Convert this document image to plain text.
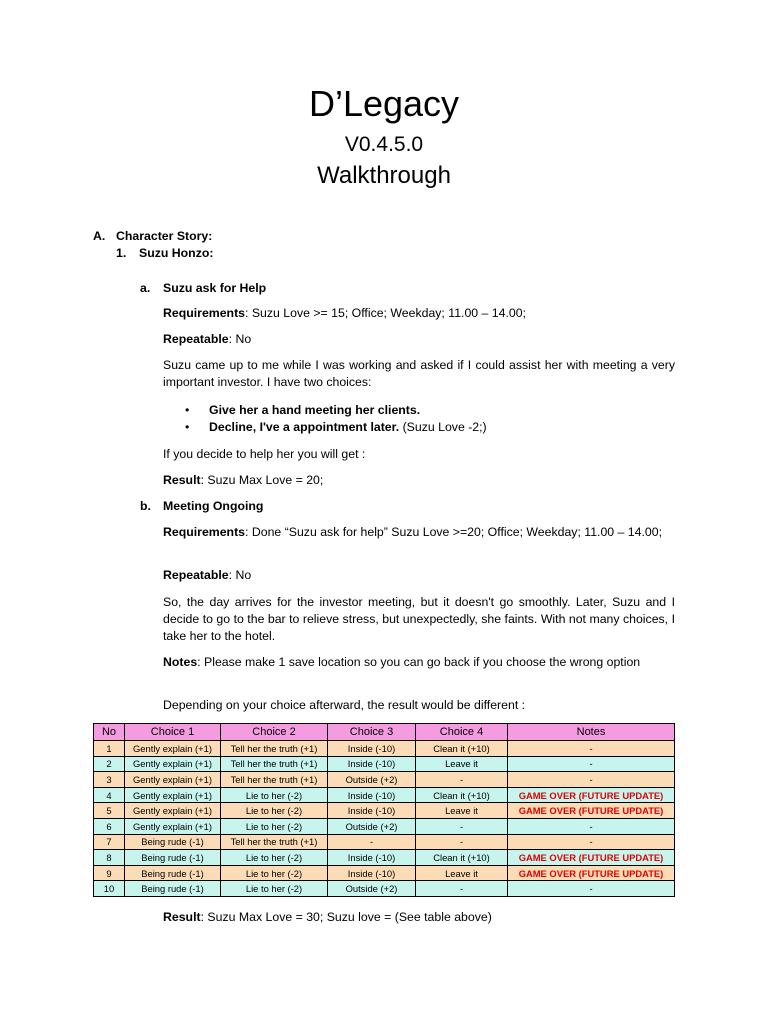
D’Legacy
V0.4.5.0
Walkthrough
A. Character Story:
1. Suzu Honzo:
a. Suzu ask for Help
Requirements: Suzu Love >= 15; Office; Weekday; 11.00 – 14.00;
Repeatable: No
Suzu came up to me while I was working and asked if I could assist her with meeting a very important investor. I have two choices:
• Give her a hand meeting her clients.
• Decline, I've a appointment later. (Suzu Love -2;)
If you decide to help her you will get :
Result: Suzu Max Love = 20;
b. Meeting Ongoing
Requirements: Done “Suzu ask for help” Suzu Love >=20; Office; Weekday; 11.00 – 14.00;
Repeatable: No
So, the day arrives for the investor meeting, but it doesn't go smoothly. Later, Suzu and I decide to go to the bar to relieve stress, but unexpectedly, she faints. With not many choices, I take her to the hotel.
Notes: Please make 1 save location so you can go back if you choose the wrong option
Depending on your choice afterward, the result would be different :
No	Choice 1	Choice 2	Choice 3	Choice 4	Notes
1	Gently explain (+1)	Tell her the truth (+1)	Inside (-10)	Clean it (+10)	-
2	Gently explain (+1)	Tell her the truth (+1)	Inside (-10)	Leave it	-
3	Gently explain (+1)	Tell her the truth (+1)	Outside (+2)	-	-
4	Gently explain (+1)	Lie to her (-2)	Inside (-10)	Clean it (+10)	GAME OVER (FUTURE UPDATE)
5	Gently explain (+1)	Lie to her (-2)	Inside (-10)	Leave it	GAME OVER (FUTURE UPDATE)
6	Gently explain (+1)	Lie to her (-2)	Outside (+2)	-	-
7	Being rude (-1)	Tell her the truth (+1)	-	-	-
8	Being rude (-1)	Lie to her (-2)	Inside (-10)	Clean it (+10)	GAME OVER (FUTURE UPDATE)
9	Being rude (-1)	Lie to her (-2)	Inside (-10)	Leave it	GAME OVER (FUTURE UPDATE)
10	Being rude (-1)	Lie to her (-2)	Outside (+2)	-	-
Result: Suzu Max Love = 30; Suzu love = (See table above)
